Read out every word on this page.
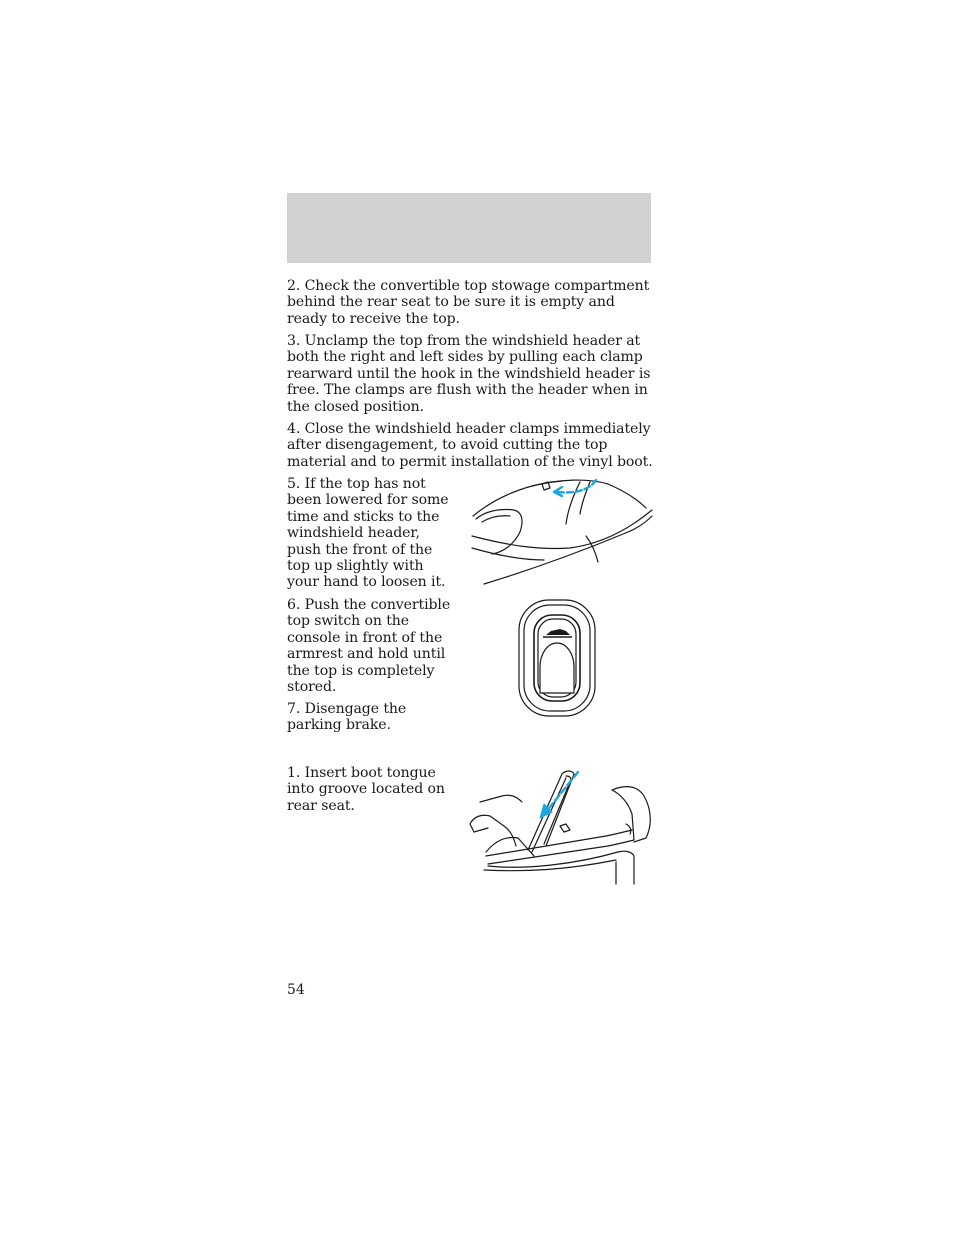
2. Check the convertible top stowage compartment behind the rear seat to be sure it is empty and ready to receive the top.

3. Unclamp the top from the windshield header at both the right and left sides by pulling each clamp rearward until the hook in the windshield header is free. The clamps are flush with the header when in the closed position.

4. Close the windshield header clamps immediately after disengagement, to avoid cutting the top material and to permit installation of the vinyl boot.

5. If the top has not been lowered for some time and sticks to the windshield header, push the front of the top up slightly with your hand to loosen it.

6. Push the convertible top switch on the console in front of the armrest and hold until the top is completely stored.

7. Disengage the parking brake.

1. Insert boot tongue into groove located on rear seat.

54
